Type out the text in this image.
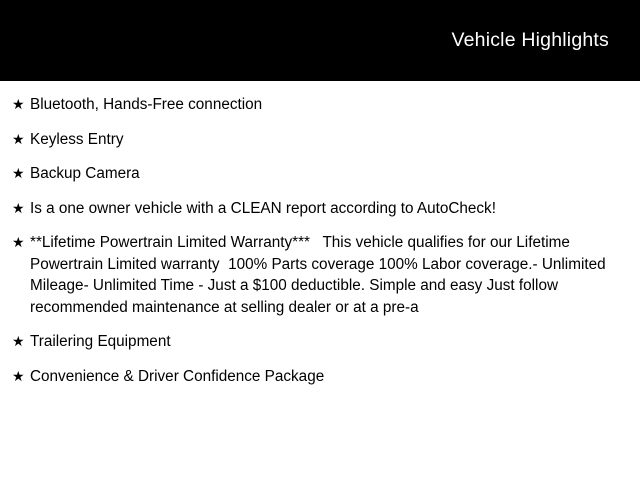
Vehicle Highlights
★ Bluetooth, Hands-Free connection
★ Keyless Entry
★ Backup Camera
★ Is a one owner vehicle with a CLEAN report according to AutoCheck!
★ **Lifetime Powertrain Limited Warranty***   This vehicle qualifies for our Lifetime Powertrain Limited warranty  100% Parts coverage 100% Labor coverage.- Unlimited Mileage- Unlimited Time - Just a $100 deductible. Simple and easy Just follow recommended maintenance at selling dealer or at a pre-a
★ Trailering Equipment
★ Convenience & Driver Confidence Package
